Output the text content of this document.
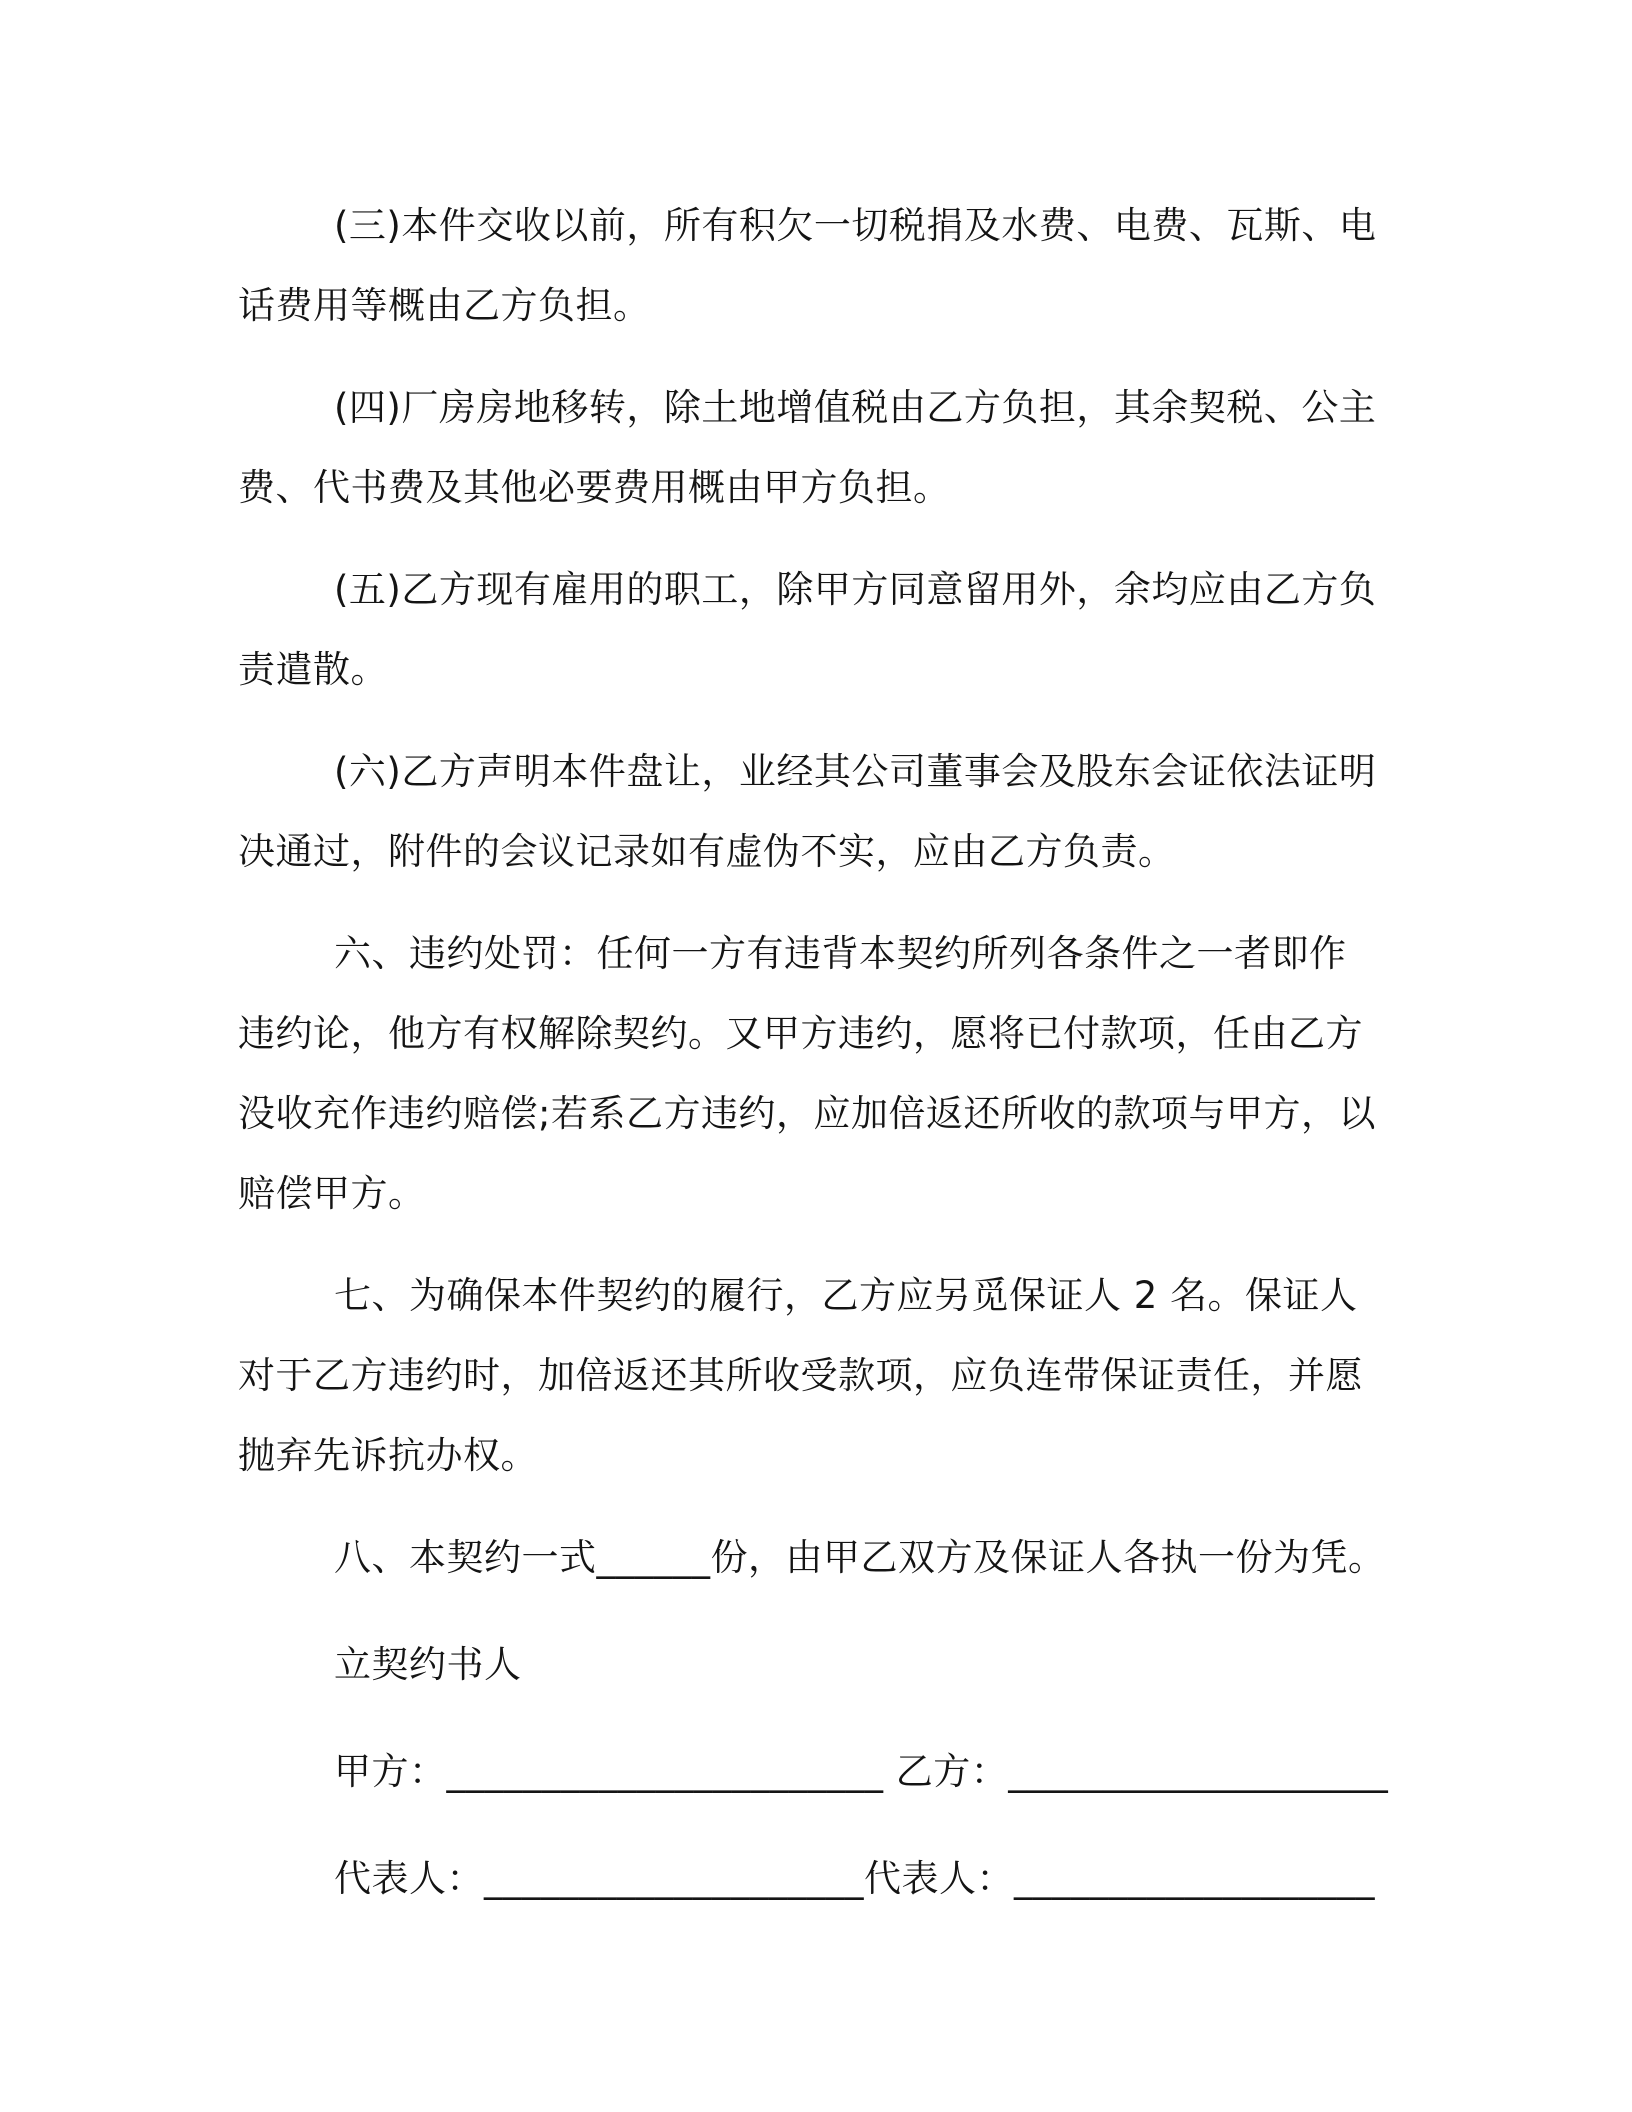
(三)本件交收以前，所有积欠一切税捐及水费、电费、瓦斯、电话费用等概由乙方负担。

(四)厂房房地移转，除土地增值税由乙方负担，其余契税、公主费、代书费及其他必要费用概由甲方负担。

(五)乙方现有雇用的职工，除甲方同意留用外，余均应由乙方负责遣散。

(六)乙方声明本件盘让，业经其公司董事会及股东会证依法证明决通过，附件的会议记录如有虚伪不实，应由乙方负责。

六、违约处罚：任何一方有违背本契约所列各条件之一者即作违约论，他方有权解除契约。又甲方违约，愿将已付款项，任由乙方没收充作违约赔偿;若系乙方违约，应加倍返还所收的款项与甲方，以赔偿甲方。

七、为确保本件契约的履行，乙方应另觅保证人 2 名。保证人对于乙方违约时，加倍返还其所收受款项，应负连带保证责任，并愿抛弃先诉抗办权。

八、本契约一式______份，由甲乙双方及保证人各执一份为凭。

立契约书人

甲方：_______________________ 乙方：____________________

代表人：____________________代表人：___________________
